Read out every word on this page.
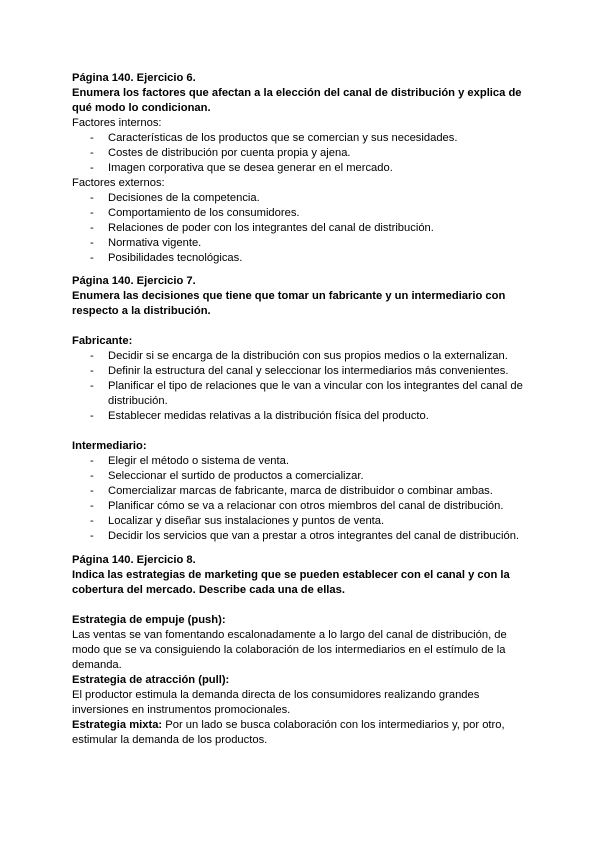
Página 140. Ejercicio 6.
Enumera los factores que afectan a la elección del canal de distribución y explica de qué modo lo condicionan.
Factores internos:
- Características de los productos que se comercian y sus necesidades.
- Costes de distribución por cuenta propia y ajena.
- Imagen corporativa que se desea generar en el mercado.
Factores externos:
- Decisiones de la competencia.
- Comportamiento de los consumidores.
- Relaciones de poder con los integrantes del canal de distribución.
- Normativa vigente.
- Posibilidades tecnológicas.
Página 140. Ejercicio 7.
Enumera las decisiones que tiene que tomar un fabricante y un intermediario con respecto a la distribución.
Fabricante:
- Decidir si se encarga de la distribución con sus propios medios o la externalizan.
- Definir la estructura del canal y seleccionar los intermediarios más convenientes.
- Planificar el tipo de relaciones que le van a vincular con los integrantes del canal de distribución.
- Establecer medidas relativas a la distribución física del producto.
Intermediario:
- Elegir el método o sistema de venta.
- Seleccionar el surtido de productos a comercializar.
- Comercializar marcas de fabricante, marca de distribuidor o combinar ambas.
- Planificar cómo se va a relacionar con otros miembros del canal de distribución.
- Localizar y diseñar sus instalaciones y puntos de venta.
- Decidir los servicios que van a prestar a otros integrantes del canal de distribución.
Página 140. Ejercicio 8.
Indica las estrategias de marketing que se pueden establecer con el canal y con la cobertura del mercado. Describe cada una de ellas.
Estrategia de empuje (push):
Las ventas se van fomentando escalonadamente a lo largo del canal de distribución, de modo que se va consiguiendo la colaboración de los intermediarios en el estímulo de la demanda.
Estrategia de atracción (pull):
El productor estimula la demanda directa de los consumidores realizando grandes inversiones en instrumentos promocionales.
Estrategia mixta: Por un lado se busca colaboración con los intermediarios y, por otro, estimular la demanda de los productos.
